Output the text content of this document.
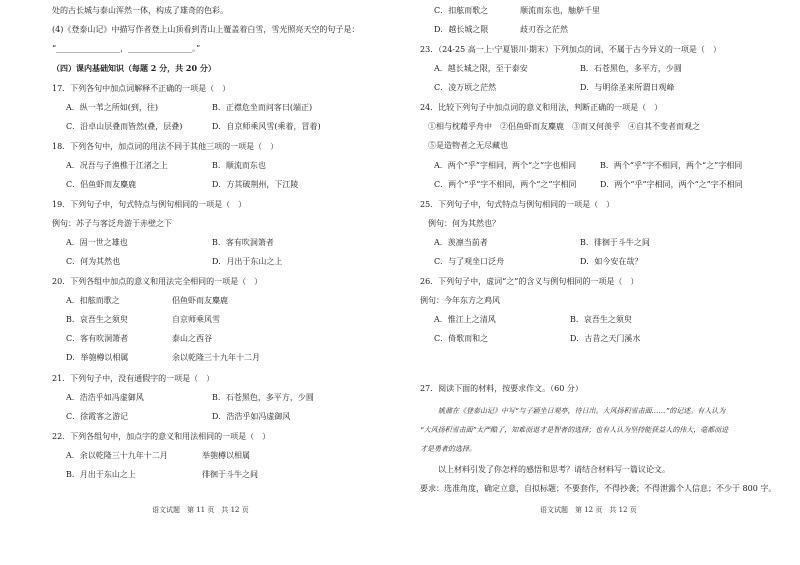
处的古长城与泰山浑然一体，构成了雄奇的色彩。
(4)《登泰山记》中描写作者登上山顶看到青山上覆盖着白雪，雪光照亮天空的句子是：
“________________，________________。”
（四）课内基础知识（每题 2 分，共 20 分）
17．下列各句中加点词解释不正确的一项是（　）
A．纵一苇之所如(到，往)	B．正襟危坐而问客曰(端正)
C．沿卓山层叠而皆然(叠，层叠)	D．自京师乘风雪(乘着，冒着)
18．下列各句中，加点词的用法不同于其他三项的一项是（　）
A．况吾与子渔樵于江渚之上	B．顺流而东也
C．侣鱼虾而友麋鹿	D．方其破荆州，下江陵
19．下列句子中，句式特点与例句相同的一项是（　）
例句：苏子与客泛舟游于赤壁之下
A．固一世之雄也	B．客有吹洞箫者
C．何为其然也	D．月出于东山之上
20．下列各组中加点的意义和用法完全相同的一项是（　）
A．扣舷而歌之	侣鱼虾而友麋鹿
B．哀吾生之须臾	自京师乘风雪
C．客有吹洞箫者	泰山之西谷
D．举匏樽以相属	余以乾隆三十九年十二月
21．下列句子中，没有通假字的一项是（　）
A．浩浩乎如冯虚御风	B．石苍黑色，多平方，少圆
C．徐霞客之游记	D．浩浩乎如冯虚御风
22．下列各组句中，加点字的意义和用法相同的一项是（　）
A．余以乾隆三十九年十二月	举匏樽以相属
B．月出于东山之上	徘徊于斗牛之间
语文试题　第 11 页　共 12 页
C．扣舷而歌之	顺流而东也，舳舻千里
D．越长城之限	歧刃吞之茫然
23．（24-25 高一上·宁夏银川·期末）下列加点的词，不属于古今异义的一项是（　）
A．越长城之限，至于泰安	B．石苍黑色，多平方，少圆
C．凌万顷之茫然	D．与明徐圣来所谓日观峰
24．比较下列句子中加点词的意义和用法，判断正确的一项是（　）
①相与枕藉乎舟中　②侣鱼虾而友麋鹿　③而又何羡乎　④自其不变者而观之
⑤是造物者之无尽藏也
A．两个“乎”字相同，两个“之”字也相同	B．两个“乎”字不相同，两个“之”字相同
C．两个“乎”字不相同，两个“之”字相同	D．两个“乎”字相同，两个“之”字不相同
25．下列句子中，句式特点与例句相同的一项是（　）
例句：何为其然也？
A．羡凛当前者	B．徘徊于斗牛之间
C．与了观坐口泛舟	D．如今安在哉？
26．下列句子中，虚词“之”的含义与例句相同的一项是（　）
例句：今年东方之鸡风
A．惟江上之清风	B．哀吾生之须臾
C．倚歌而和之	D．古昔之天门溪水
27．阅读下面的材料，按要求作文。（60 分）
姚鼐在《登泰山记》中写“与子颖坐日观亭，待日出。大风扬积雪击面……”的记述。有人认为
“大风扬积雪击面”太严酷了，知难而退才是智者的选择；也有人认为坚持能获益人的伟大，毫都而进
才是勇者的选择。
以上材料引发了你怎样的感悟和思考？请结合材料写一篇议论文。
要求：选准角度，确定立意，自拟标题；不要套作，不得抄袭；不得泄露个人信息；不少于 800 字。
语文试题　第 12 页　共 12 页
